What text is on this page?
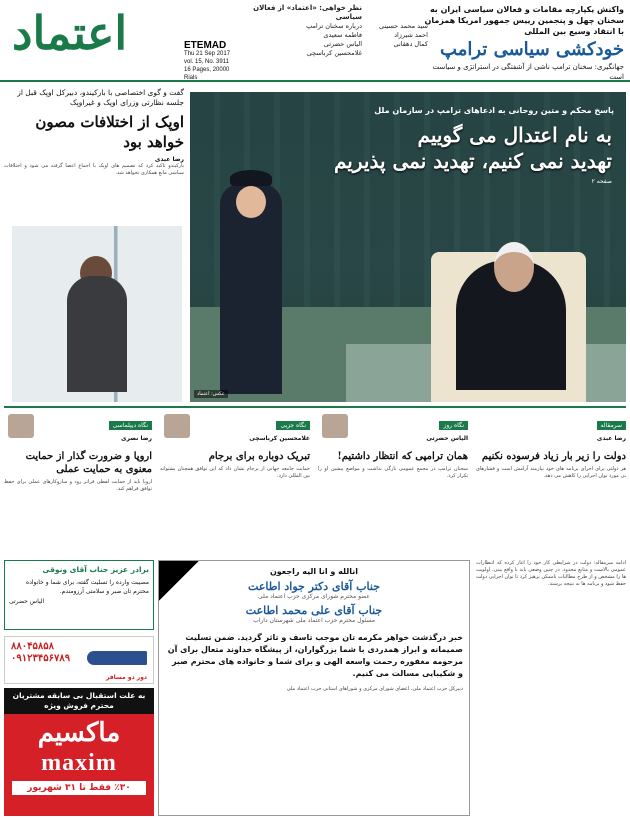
اعتماد	ETEMAD
Thu 21 Sep 2017
vol. 15, No. 3911
16 Pages, 20000 Rials
نظر خواهی: «اعتماد» از فعالان سیاسی
درباره سخنان ترامپ
فاطمه سعیدی
الیاس حضرتی
غلامحسین کرباسچی
سید محمد حسینی
احمد شیرزاد
کمال دهقانی
واکنش یکپارچه مقامات و فعالان سیاسی ایران به سخنان چهل و پنجمین رییس جمهور امریکا همزمان با انتقاد وسیع بین المللی
خودکشی سیاسی ترامپ
جهانگیری: سخنان ترامپ ناشی از آشفتگی در استراتژی و سیاست است
گفت و گوی اختصاصی با بارکیندو، دبیرکل اوپک قبل از جلسه نظارتی وزرای اوپک و غیراوپک
اوپک از اختلافات مصون خواهد بود
رضا عبدی
بارکیندو تاکید کرد که تصمیم های اوپک با اجماع اعضا گرفته می شود و اختلافات سیاسی مانع همکاری نخواهد شد.
پاسخ محکم و متین روحانی به ادعاهای ترامپ در سازمان ملل
به نام اعتدال می گوییم
تهدید نمی کنیم، تهدید نمی پذیریم
صفحه ۲
عکس: اعتماد
سرمقاله
رضا عبدی
دولت را زیر بار زیاد فرسوده نکنیم
هر دولتی برای اجرای برنامه های خود نیازمند آرامش است و فشارهای بی مورد توان اجرایی را کاهش می دهد.
نگاه روز
الیاس حضرتی
همان ترامپی که انتظار داشتیم!
سخنان ترامپ در مجمع عمومی تازگی نداشت و مواضع پیشین او را تکرار کرد.
نگاه جزیی
غلامحسین کرباسچی
تبریک دوباره برای برجام
حمایت جامعه جهانی از برجام نشان داد که این توافق همچنان پشتوانه بین المللی دارد.
نگاه دیپلماسی
رضا نصری
اروپا و ضرورت گذار از حمایت معنوی به حمایت عملی
اروپا باید از حمایت لفظی فراتر رود و سازوکارهای عملی برای حفظ توافق فراهم کند.
برادر عزیز جناب آقای ونوقی
مصیبت وارده را تسلیت گفته، برای شما و خانواده محترم تان صبر و سلامتی آرزومندم.
الیاس حضرتی
۸۸۰۴۵۸۵۸
۰۹۱۲۳۴۵۶۷۸۹
دور دو مسافر
به علت استقبال بی سابقه مشتریان محترم فروش ویژه
ماکسیم
maxim
٪۳۰ فقط تا ۳۱ شهریور
انالله و انا الیه راجعون
جناب آقای دکتر جواد اطاعت
عضو محترم شورای مرکزی حزب اعتماد ملی
جناب آقای علی محمد اطاعت
مسئول محترم حزب اعتماد ملی شهرستان داراب
خبر درگذشت خواهر مکرمه تان موجب تاسف و تاثر گردید. ضمن تسلیت صمیمانه و ابراز همدردی با شما بزرگواران، از پیشگاه خداوند متعال برای آن مرحومه مغفوره رحمت واسعه الهی و برای شما و خانواده های محترم صبر و شکیبایی مسالت می کنیم.
دبیرکل حزب اعتماد ملی، اعضای شورای مرکزی و شوراهای استانی حزب اعتماد ملی
ادامه سرمقاله: دولت در شرایطی کار خود را آغاز کرده که انتظارات عمومی بالاست و منابع محدود. در چنین وضعی باید با واقع بینی، اولویت ها را مشخص و از طرح مطالبات ناممکن پرهیز کرد تا توان اجرایی دولت حفظ شود و برنامه ها به نتیجه برسند.
